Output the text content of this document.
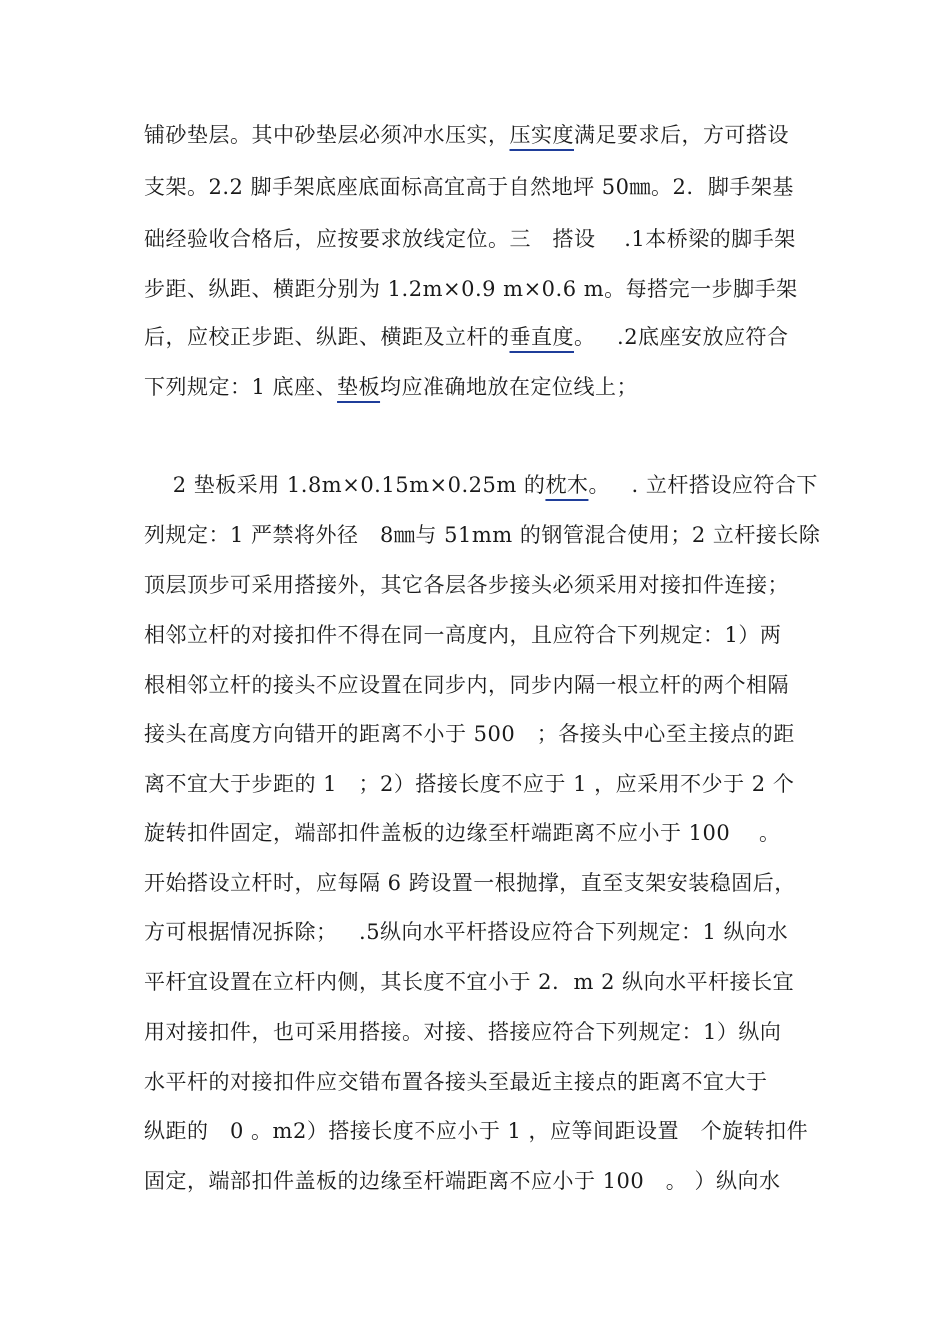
铺砂垫层。其中砂垫层必须冲水压实，压实度满足要求后，方可搭设
支架。2.2 脚手架底座底面标高宜高于自然地坪 50㎜。2.  脚手架基
础经验收合格后，应按要求放线定位。三   搭设    .1本桥梁的脚手架
步距、纵距、横距分别为 1.2m×0.9 m×0.6 m。每搭完一步脚手架
后，应校正步距、纵距、横距及立杆的垂直度。   .2底座安放应符合
下列规定：1 底座、垫板均应准确地放在定位线上；
2 垫板采用 1.8m×0.15m×0.25m 的枕木。   . 立杆搭设应符合下
列规定：1 严禁将外径   8㎜与 51mm 的钢管混合使用；2 立杆接长除
顶层顶步可采用搭接外，其它各层各步接头必须采用对接扣件连接；
相邻立杆的对接扣件不得在同一高度内，且应符合下列规定：1）两
根相邻立杆的接头不应设置在同步内，同步内隔一根立杆的两个相隔
接头在高度方向错开的距离不小于 500   ；各接头中心至主接点的距
离不宜大于步距的 1   ；2）搭接长度不应于 1 ，应采用不少于 2 个
旋转扣件固定，端部扣件盖板的边缘至杆端距离不应小于 100    。
开始搭设立杆时，应每隔 6 跨设置一根抛撑，直至支架安装稳固后，
方可根据情况拆除；   .5纵向水平杆搭设应符合下列规定：1 纵向水
平杆宜设置在立杆内侧，其长度不宜小于 2.  m 2 纵向水平杆接长宜
用对接扣件，也可采用搭接。对接、搭接应符合下列规定：1）纵向
水平杆的对接扣件应交错布置各接头至最近主接点的距离不宜大于
纵距的   0 。m2）搭接长度不应小于 1 ，应等间距设置   个旋转扣件
固定，端部扣件盖板的边缘至杆端距离不应小于 100   。 ）纵向水
